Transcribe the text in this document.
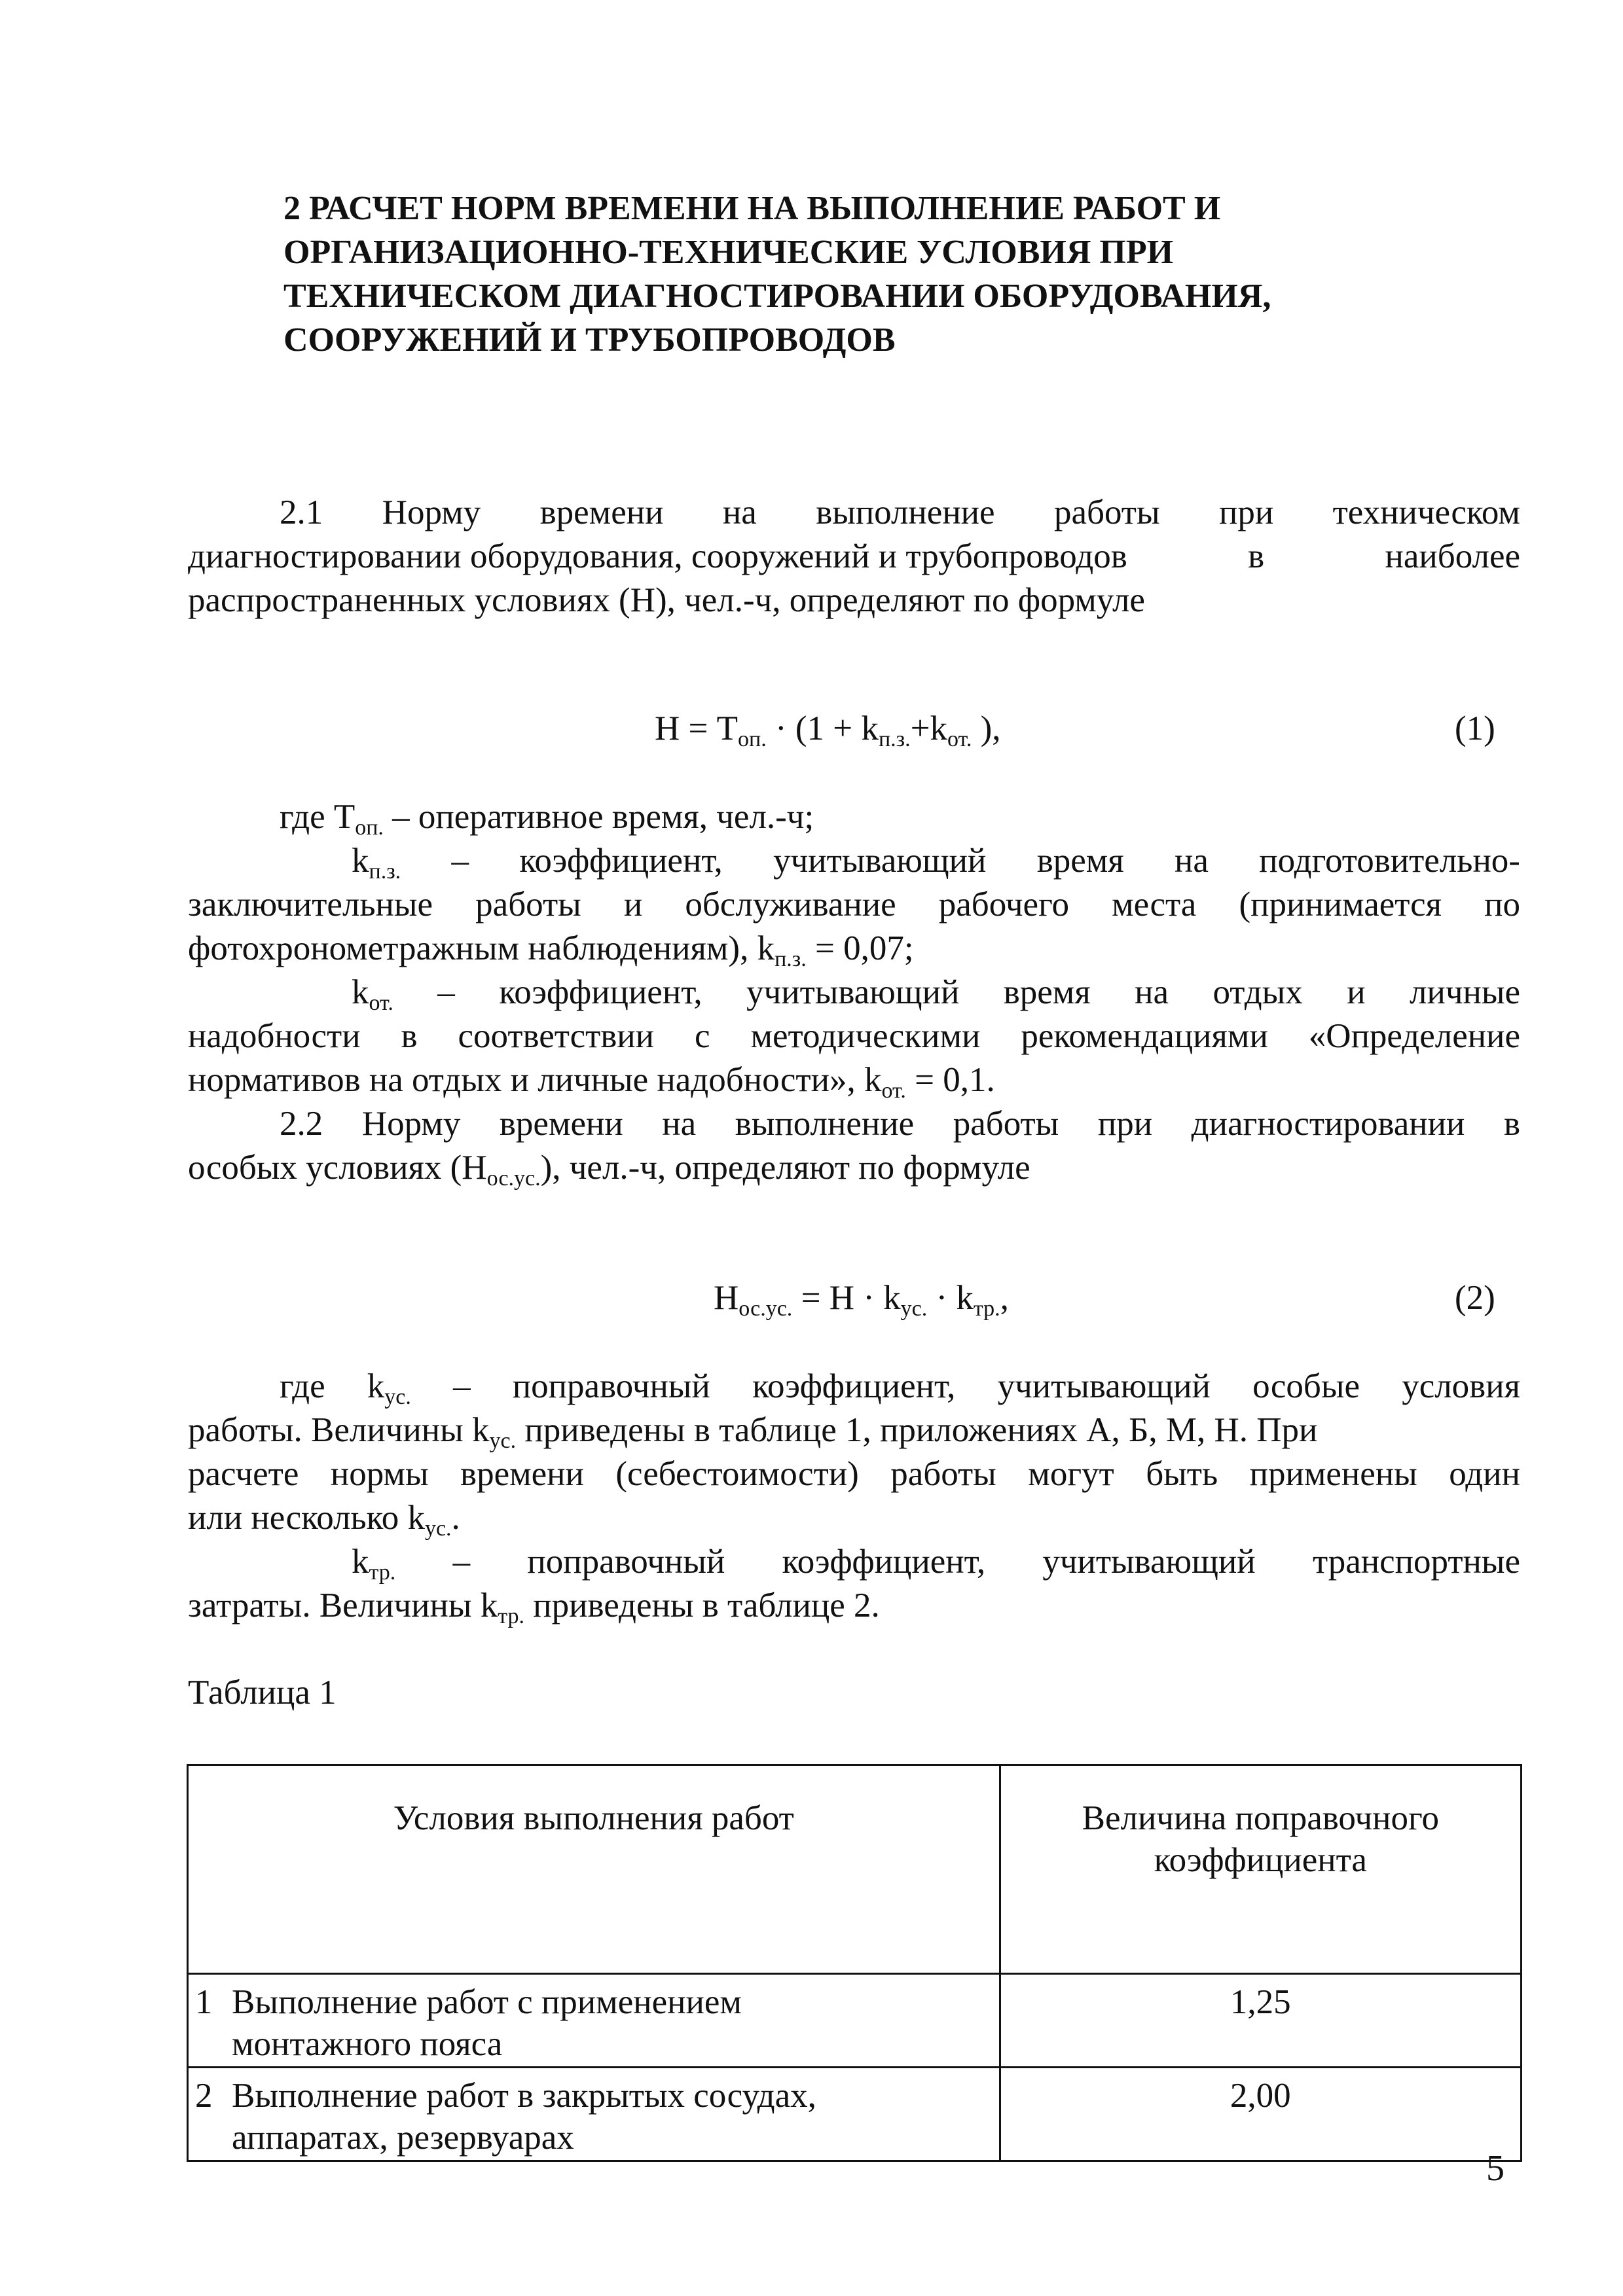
2 РАСЧЕТ НОРМ ВРЕМЕНИ НА ВЫПОЛНЕНИЕ РАБОТ И
ОРГАНИЗАЦИОННО-ТЕХНИЧЕСКИЕ УСЛОВИЯ ПРИ
ТЕХНИЧЕСКОМ ДИАГНОСТИРОВАНИИ ОБОРУДОВАНИЯ,
СООРУЖЕНИЙ И ТРУБОПРОВОДОВ
2.1 Норму времени на выполнение работы при техническом
диагностировании оборудования, сооружений и трубопроводов	в	наиболее
распространенных условиях (Н), чел.-ч, определяют по формуле
$Н = Т_{оп.} \cdot (1 + k_{п.з.}+k_{от.}$ ),	(1)
где $Т_{оп.}$ – оперативное время, чел.-ч;
$k_{п.з.}$ – коэффициент, учитывающий время на подготовительно-
заключительные работы и обслуживание рабочего места (принимается по
фотохронометражным наблюдениям), $k_{п.з.} = 0,07$;
$k_{от.}$ – коэффициент, учитывающий время на отдых и личные
надобности в соответствии с методическими рекомендациями «Определение
нормативов на отдых и личные надобности», $k_{от.} = 0,1$.
2.2 Норму времени на выполнение работы при диагностировании в
особых условиях $(Н_{ос.ус.})$, чел.-ч, определяют по формуле
$Н_{ос.ус.} = Н \cdot k_{ус.} \cdot k_{тр.}$,	(2)
где $k_{ус.}$ – поправочный коэффициент, учитывающий особые условия
работы. Величины $k_{ус.}$ приведены в таблице 1, приложениях А, Б, М, Н. При
расчете нормы времени (себестоимости) работы могут быть применены один
или несколько $k_{ус.}$.
$k_{тр.}$ – поправочный коэффициент, учитывающий транспортные
затраты. Величины $k_{тр.}$ приведены в таблице 2.
Таблица 1
Условия выполнения работ	Величина поправочного коэффициента

1 Выполнение работ с применением
монтажного пояса	1,25

2 Выполнение работ в закрытых сосудах,
аппаратах, резервуарах	2,00
5
